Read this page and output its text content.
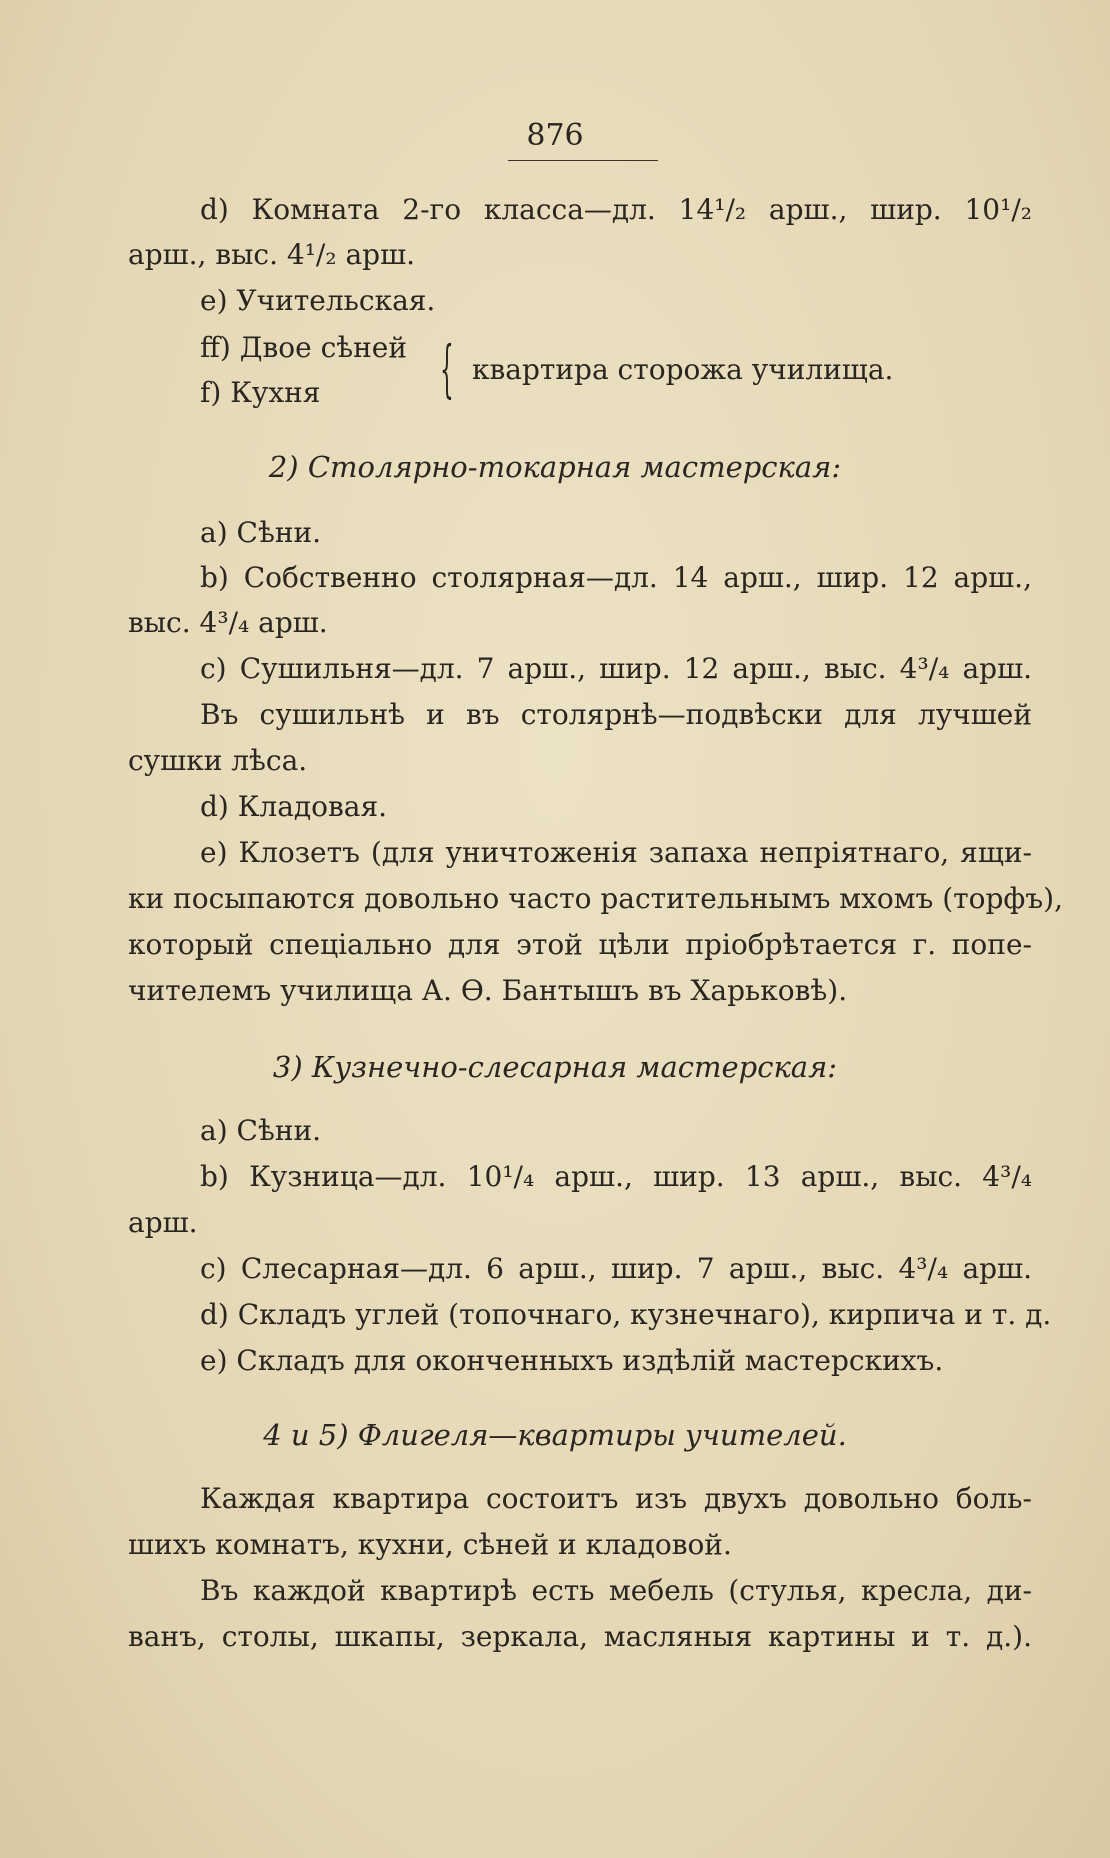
876
d) Комната 2-го класса—дл. 14¹/₂ арш., шир. 10¹/₂
арш., выс. 4¹/₂ арш.
e) Учительская.
ff) Двое сѣней
f) Кухня	{ квартира сторожа училища.
2) Столярно-токарная мастерская:
a) Сѣни.
b) Собственно столярная—дл. 14 арш., шир. 12 арш.,
выс. 4³/₄ арш.
c) Сушильня—дл. 7 арш., шир. 12 арш., выс. 4³/₄ арш.
Въ сушильнѣ и въ столярнѣ—подвѣски для лучшей
сушки лѣса.
d) Кладовая.
e) Клозетъ (для уничтоженія запаха непріятнаго, ящи-
ки посыпаются довольно часто растительнымъ мхомъ (торфъ),
который спеціально для этой цѣли пріобрѣтается г. попе-
чителемъ училища А. Ѳ. Бантышъ въ Харьковѣ).
3) Кузнечно-слесарная мастерская:
a) Сѣни.
b) Кузница—дл. 10¹/₄ арш., шир. 13 арш., выс. 4³/₄
арш.
c) Слесарная—дл. 6 арш., шир. 7 арш., выс. 4³/₄ арш.
d) Складъ углей (топочнаго, кузнечнаго), кирпича и т. д.
e) Складъ для оконченныхъ издѣлій мастерскихъ.
4 и 5) Флигеля—квартиры учителей.
Каждая квартира состоитъ изъ двухъ довольно боль-
шихъ комнатъ, кухни, сѣней и кладовой.
Въ каждой квартирѣ есть мебель (стулья, кресла, ди-
ванъ, столы, шкапы, зеркала, масляныя картины и т. д.).
